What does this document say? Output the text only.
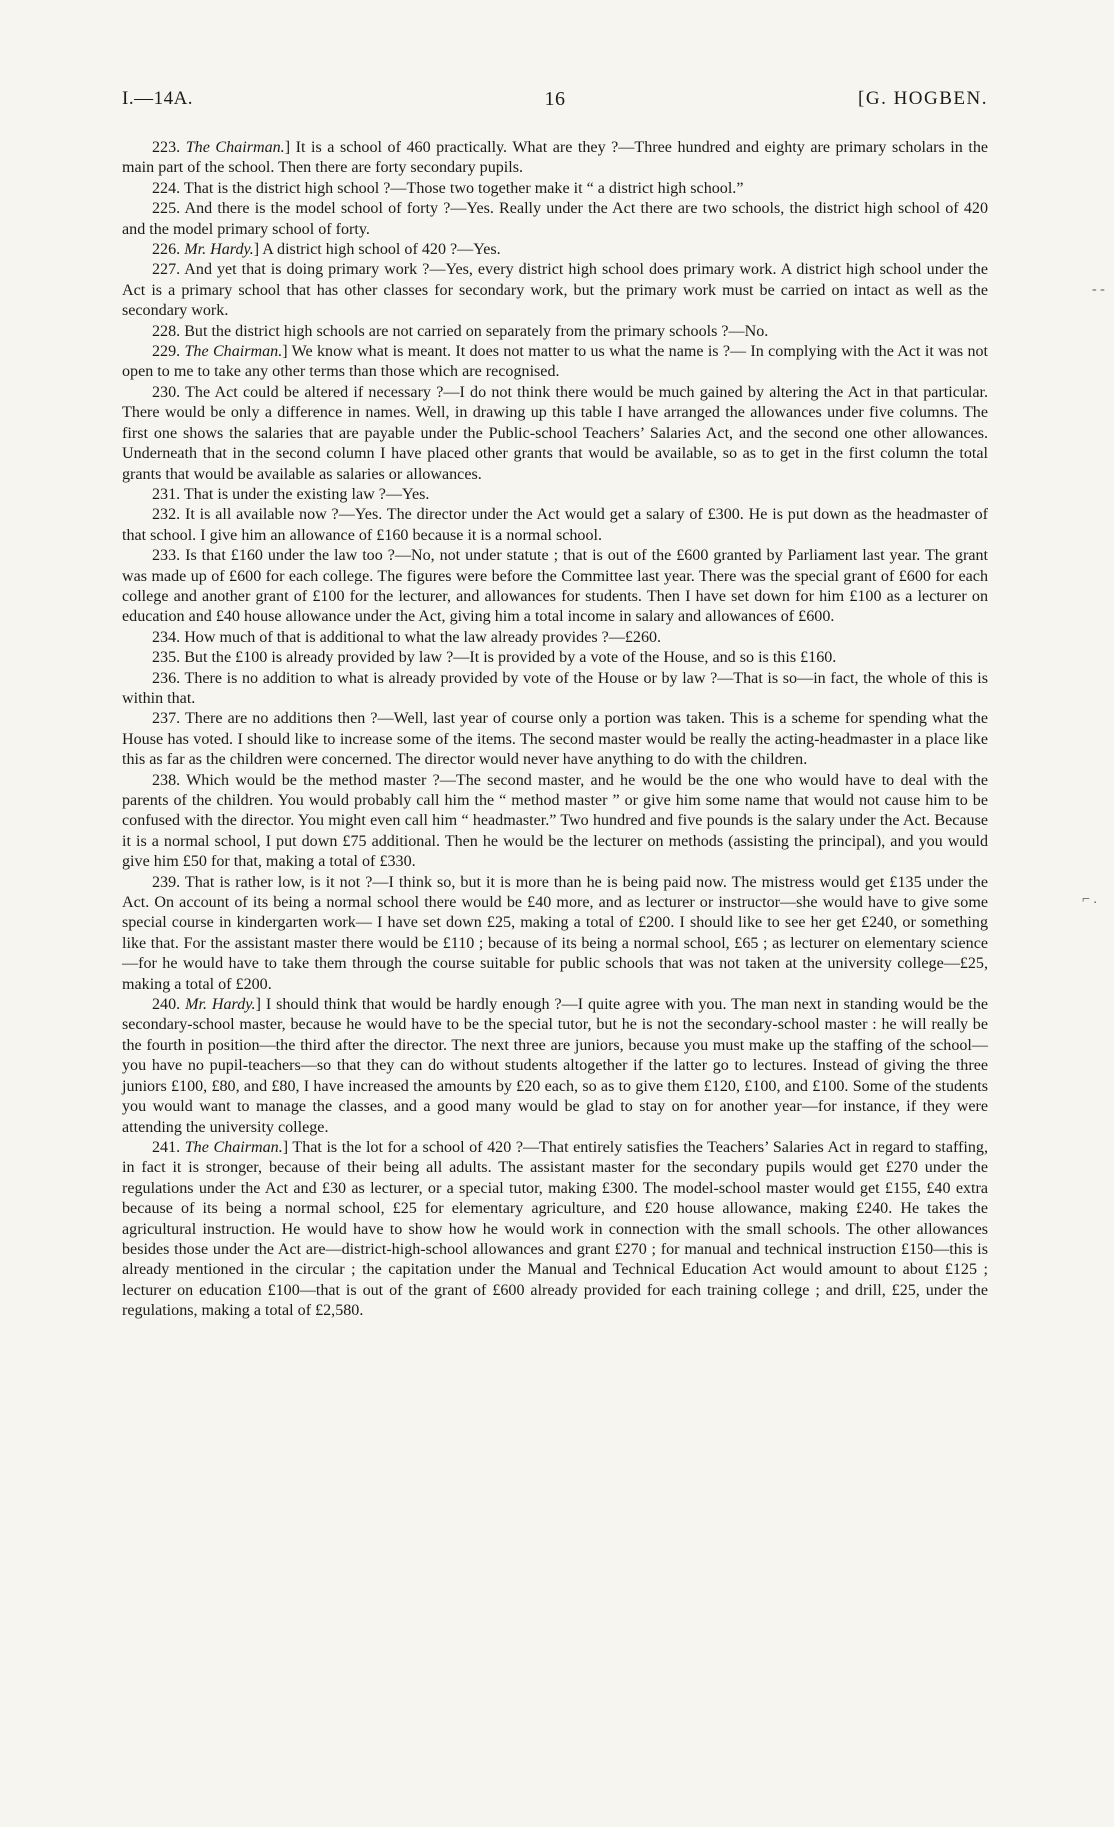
16
I.—14A.	[G. HOGBEN.

223. The Chairman.] It is a school of 460 practically. What are they ?—Three hundred and eighty are primary scholars in the main part of the school. Then there are forty secondary pupils.

224. That is the district high school ?—Those two together make it “ a district high school.”

225. And there is the model school of forty ?—Yes. Really under the Act there are two schools, the district high school of 420 and the model primary school of forty.

226. Mr. Hardy.] A district high school of 420 ?—Yes.

227. And yet that is doing primary work ?—Yes, every district high school does primary work. A district high school under the Act is a primary school that has other classes for secondary work, but the primary work must be carried on intact as well as the secondary work.

228. But the district high schools are not carried on separately from the primary schools ?—No.

229. The Chairman.] We know what is meant. It does not matter to us what the name is ?— In complying with the Act it was not open to me to take any other terms than those which are recognised.

230. The Act could be altered if necessary ?—I do not think there would be much gained by altering the Act in that particular. There would be only a difference in names. Well, in drawing up this table I have arranged the allowances under five columns. The first one shows the salaries that are payable under the Public-school Teachers’ Salaries Act, and the second one other allowances. Underneath that in the second column I have placed other grants that would be available, so as to get in the first column the total grants that would be available as salaries or allowances.

231. That is under the existing law ?—Yes.

232. It is all available now ?—Yes. The director under the Act would get a salary of £300. He is put down as the headmaster of that school. I give him an allowance of £160 because it is a normal school.

233. Is that £160 under the law too ?—No, not under statute ; that is out of the £600 granted by Parliament last year. The grant was made up of £600 for each college. The figures were before the Committee last year. There was the special grant of £600 for each college and another grant of £100 for the lecturer, and allowances for students. Then I have set down for him £100 as a lecturer on education and £40 house allowance under the Act, giving him a total income in salary and allowances of £600.

234. How much of that is additional to what the law already provides ?—£260.

235. But the £100 is already provided by law ?—It is provided by a vote of the House, and so is this £160.

236. There is no addition to what is already provided by vote of the House or by law ?—That is so—in fact, the whole of this is within that.

237. There are no additions then ?—Well, last year of course only a portion was taken. This is a scheme for spending what the House has voted. I should like to increase some of the items. The second master would be really the acting-headmaster in a place like this as far as the children were concerned. The director would never have anything to do with the children.

238. Which would be the method master ?—The second master, and he would be the one who would have to deal with the parents of the children. You would probably call him the “ method master ” or give him some name that would not cause him to be confused with the director. You might even call him “ headmaster.” Two hundred and five pounds is the salary under the Act. Because it is a normal school, I put down £75 additional. Then he would be the lecturer on methods (assisting the principal), and you would give him £50 for that, making a total of £330.

239. That is rather low, is it not ?—I think so, but it is more than he is being paid now. The mistress would get £135 under the Act. On account of its being a normal school there would be £40 more, and as lecturer or instructor—she would have to give some special course in kindergarten work— I have set down £25, making a total of £200. I should like to see her get £240, or something like that. For the assistant master there would be £110 ; because of its being a normal school, £65 ; as lecturer on elementary science—for he would have to take them through the course suitable for public schools that was not taken at the university college—£25, making a total of £200.

240. Mr. Hardy.] I should think that would be hardly enough ?—I quite agree with you. The man next in standing would be the secondary-school master, because he would have to be the special tutor, but he is not the secondary-school master : he will really be the fourth in position—the third after the director. The next three are juniors, because you must make up the staffing of the school— you have no pupil-teachers—so that they can do without students altogether if the latter go to lectures. Instead of giving the three juniors £100, £80, and £80, I have increased the amounts by £20 each, so as to give them £120, £100, and £100. Some of the students you would want to manage the classes, and a good many would be glad to stay on for another year—for instance, if they were attending the university college.

241. The Chairman.] That is the lot for a school of 420 ?—That entirely satisfies the Teachers’ Salaries Act in regard to staffing, in fact it is stronger, because of their being all adults. The assistant master for the secondary pupils would get £270 under the regulations under the Act and £30 as lecturer, or a special tutor, making £300. The model-school master would get £155, £40 extra because of its being a normal school, £25 for elementary agriculture, and £20 house allowance, making £240. He takes the agricultural instruction. He would have to show how he would work in connection with the small schools. The other allowances besides those under the Act are—district-high-school allowances and grant £270 ; for manual and technical instruction £150—this is already mentioned in the circular ; the capitation under the Manual and Technical Education Act would amount to about £125 ; lecturer on education £100—that is out of the grant of £600 already provided for each training college ; and drill, £25, under the regulations, making a total of £2,580.

- -
⌐ .
